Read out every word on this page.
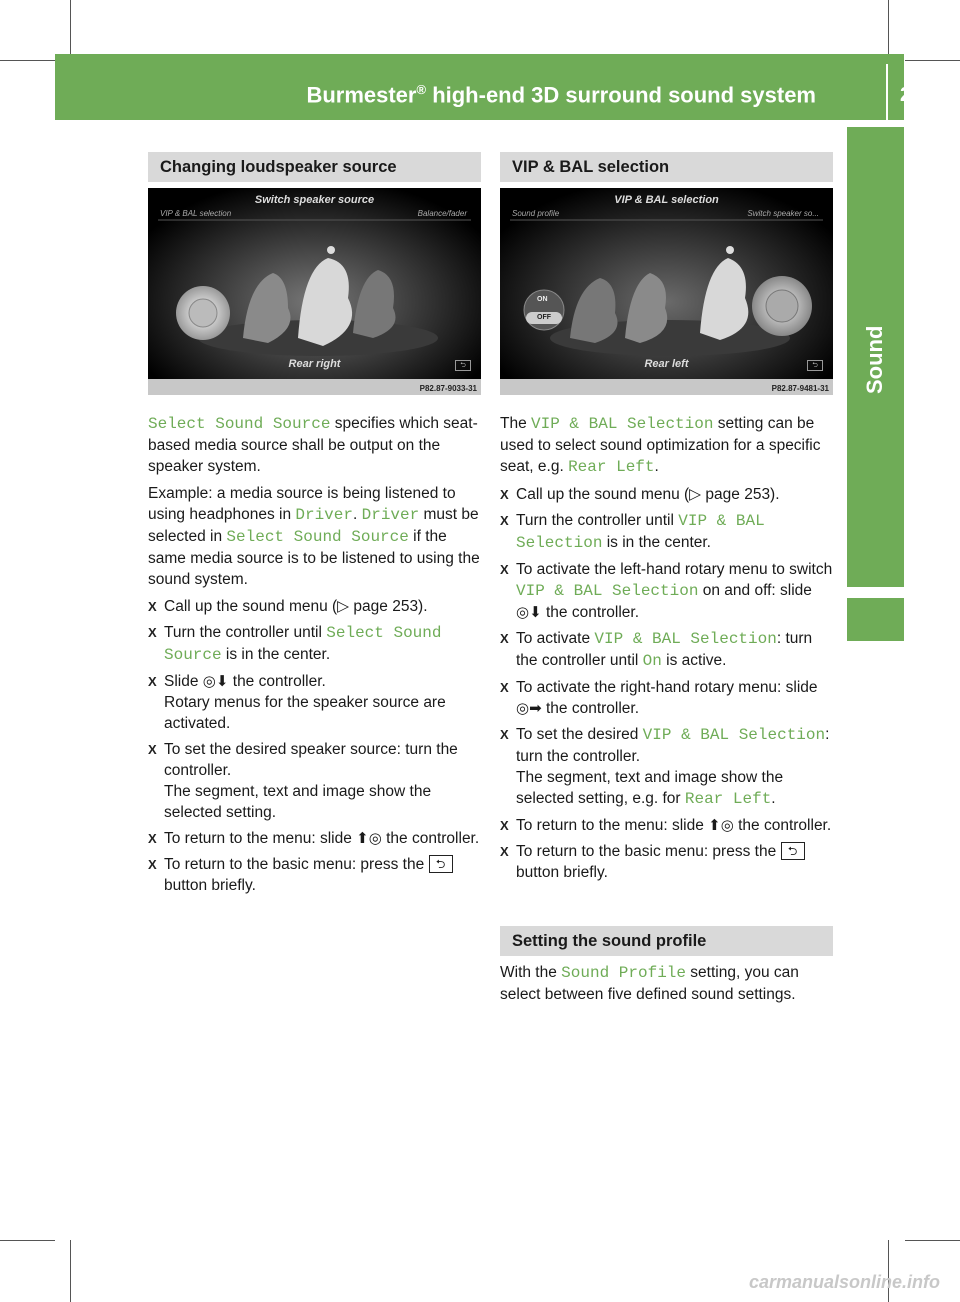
Burmester® high-end 3D surround sound system	255
Sound
Changing loudspeaker source
Switch speaker source
VIP & BAL selection	Balance/fader
Rear right	⮌
P82.87-9033-31

Select Sound Source specifies which seat-based media source shall be output on the speaker system.

Example: a media source is being listened to using headphones in Driver. Driver must be selected in Select Sound Source if the same media source is to be listened to using the sound system.

X Call up the sound menu (▷ page 253).
X Turn the controller until Select Sound Source is in the center.
X Slide ◎⬇ the controller.
Rotary menus for the speaker source are activated.
X To set the desired speaker source: turn the controller.
The segment, text and image show the selected setting.
X To return to the menu: slide ⬆◎ the controller.
X To return to the basic menu: press the ⮌ button briefly.
VIP & BAL selection
VIP & BAL selection
Sound profile	Switch speaker so...
ON
OFF
Rear left	⮌
P82.87-9481-31

The VIP & BAL Selection setting can be used to select sound optimization for a specific seat, e.g. Rear Left.

X Call up the sound menu (▷ page 253).
X Turn the controller until VIP & BAL Selection is in the center.
X To activate the left-hand rotary menu to switch VIP & BAL Selection on and off: slide ◎⬇ the controller.
X To activate VIP & BAL Selection: turn the controller until On is active.
X To activate the right-hand rotary menu: slide ◎➡ the controller.
X To set the desired VIP & BAL Selection: turn the controller.
The segment, text and image show the selected setting, e.g. for Rear Left.
X To return to the menu: slide ⬆◎ the controller.
X To return to the basic menu: press the ⮌ button briefly.
Setting the sound profile

With the Sound Profile setting, you can select between five defined sound settings.

carmanualsonline.info
